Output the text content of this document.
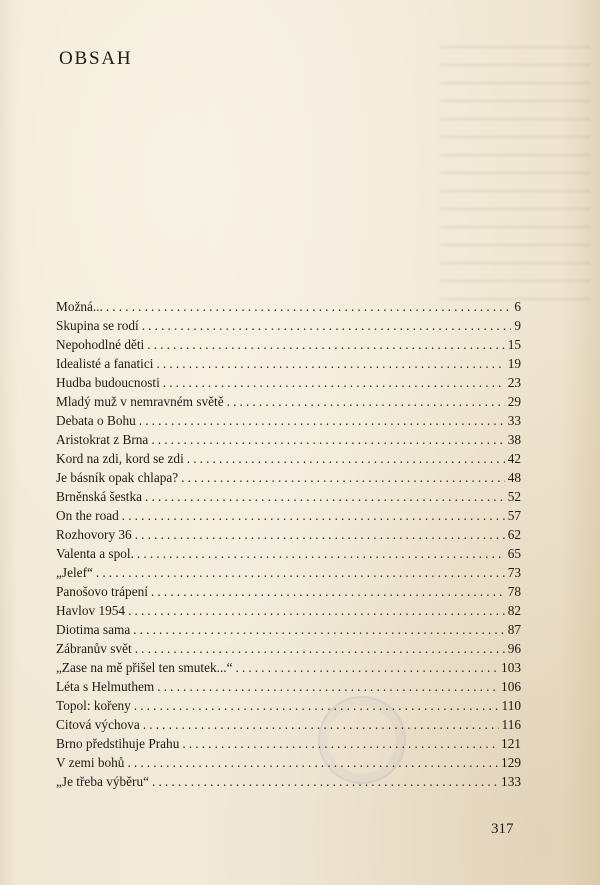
OBSAH
Možná... . . .	6
Skupina se rodí . . .	9
Nepohodlné děti . . .	15
Idealisté a fanatici . . .	19
Hudba budoucnosti . . .	23
Mladý muž v nemravném světě . . .	29
Debata o Bohu . . .	33
Aristokrat z Brna . . .	38
Kord na zdi, kord se zdi . . .	42
Je básník opak chlapa? . . .	48
Brněnská šestka . . .	52
On the road . . .	57
Rozhovory 36 . . .	62
Valenta a spol. . . .	65
„Jelef“ . . .	73
Panošovo trápení . . .	78
Havlov 1954 . . .	82
Diotima sama . . .	87
Zábranův svět . . .	96
„Zase na mě přišel ten smutek...“ . . .	103
Léta s Helmuthem . . .	106
Topol: kořeny . . .	110
Citová výchova . . .	116
Brno předstihuje Prahu . . .	121
V zemi bohů . . .	129
„Je třeba výběru“ . . .	133

317
